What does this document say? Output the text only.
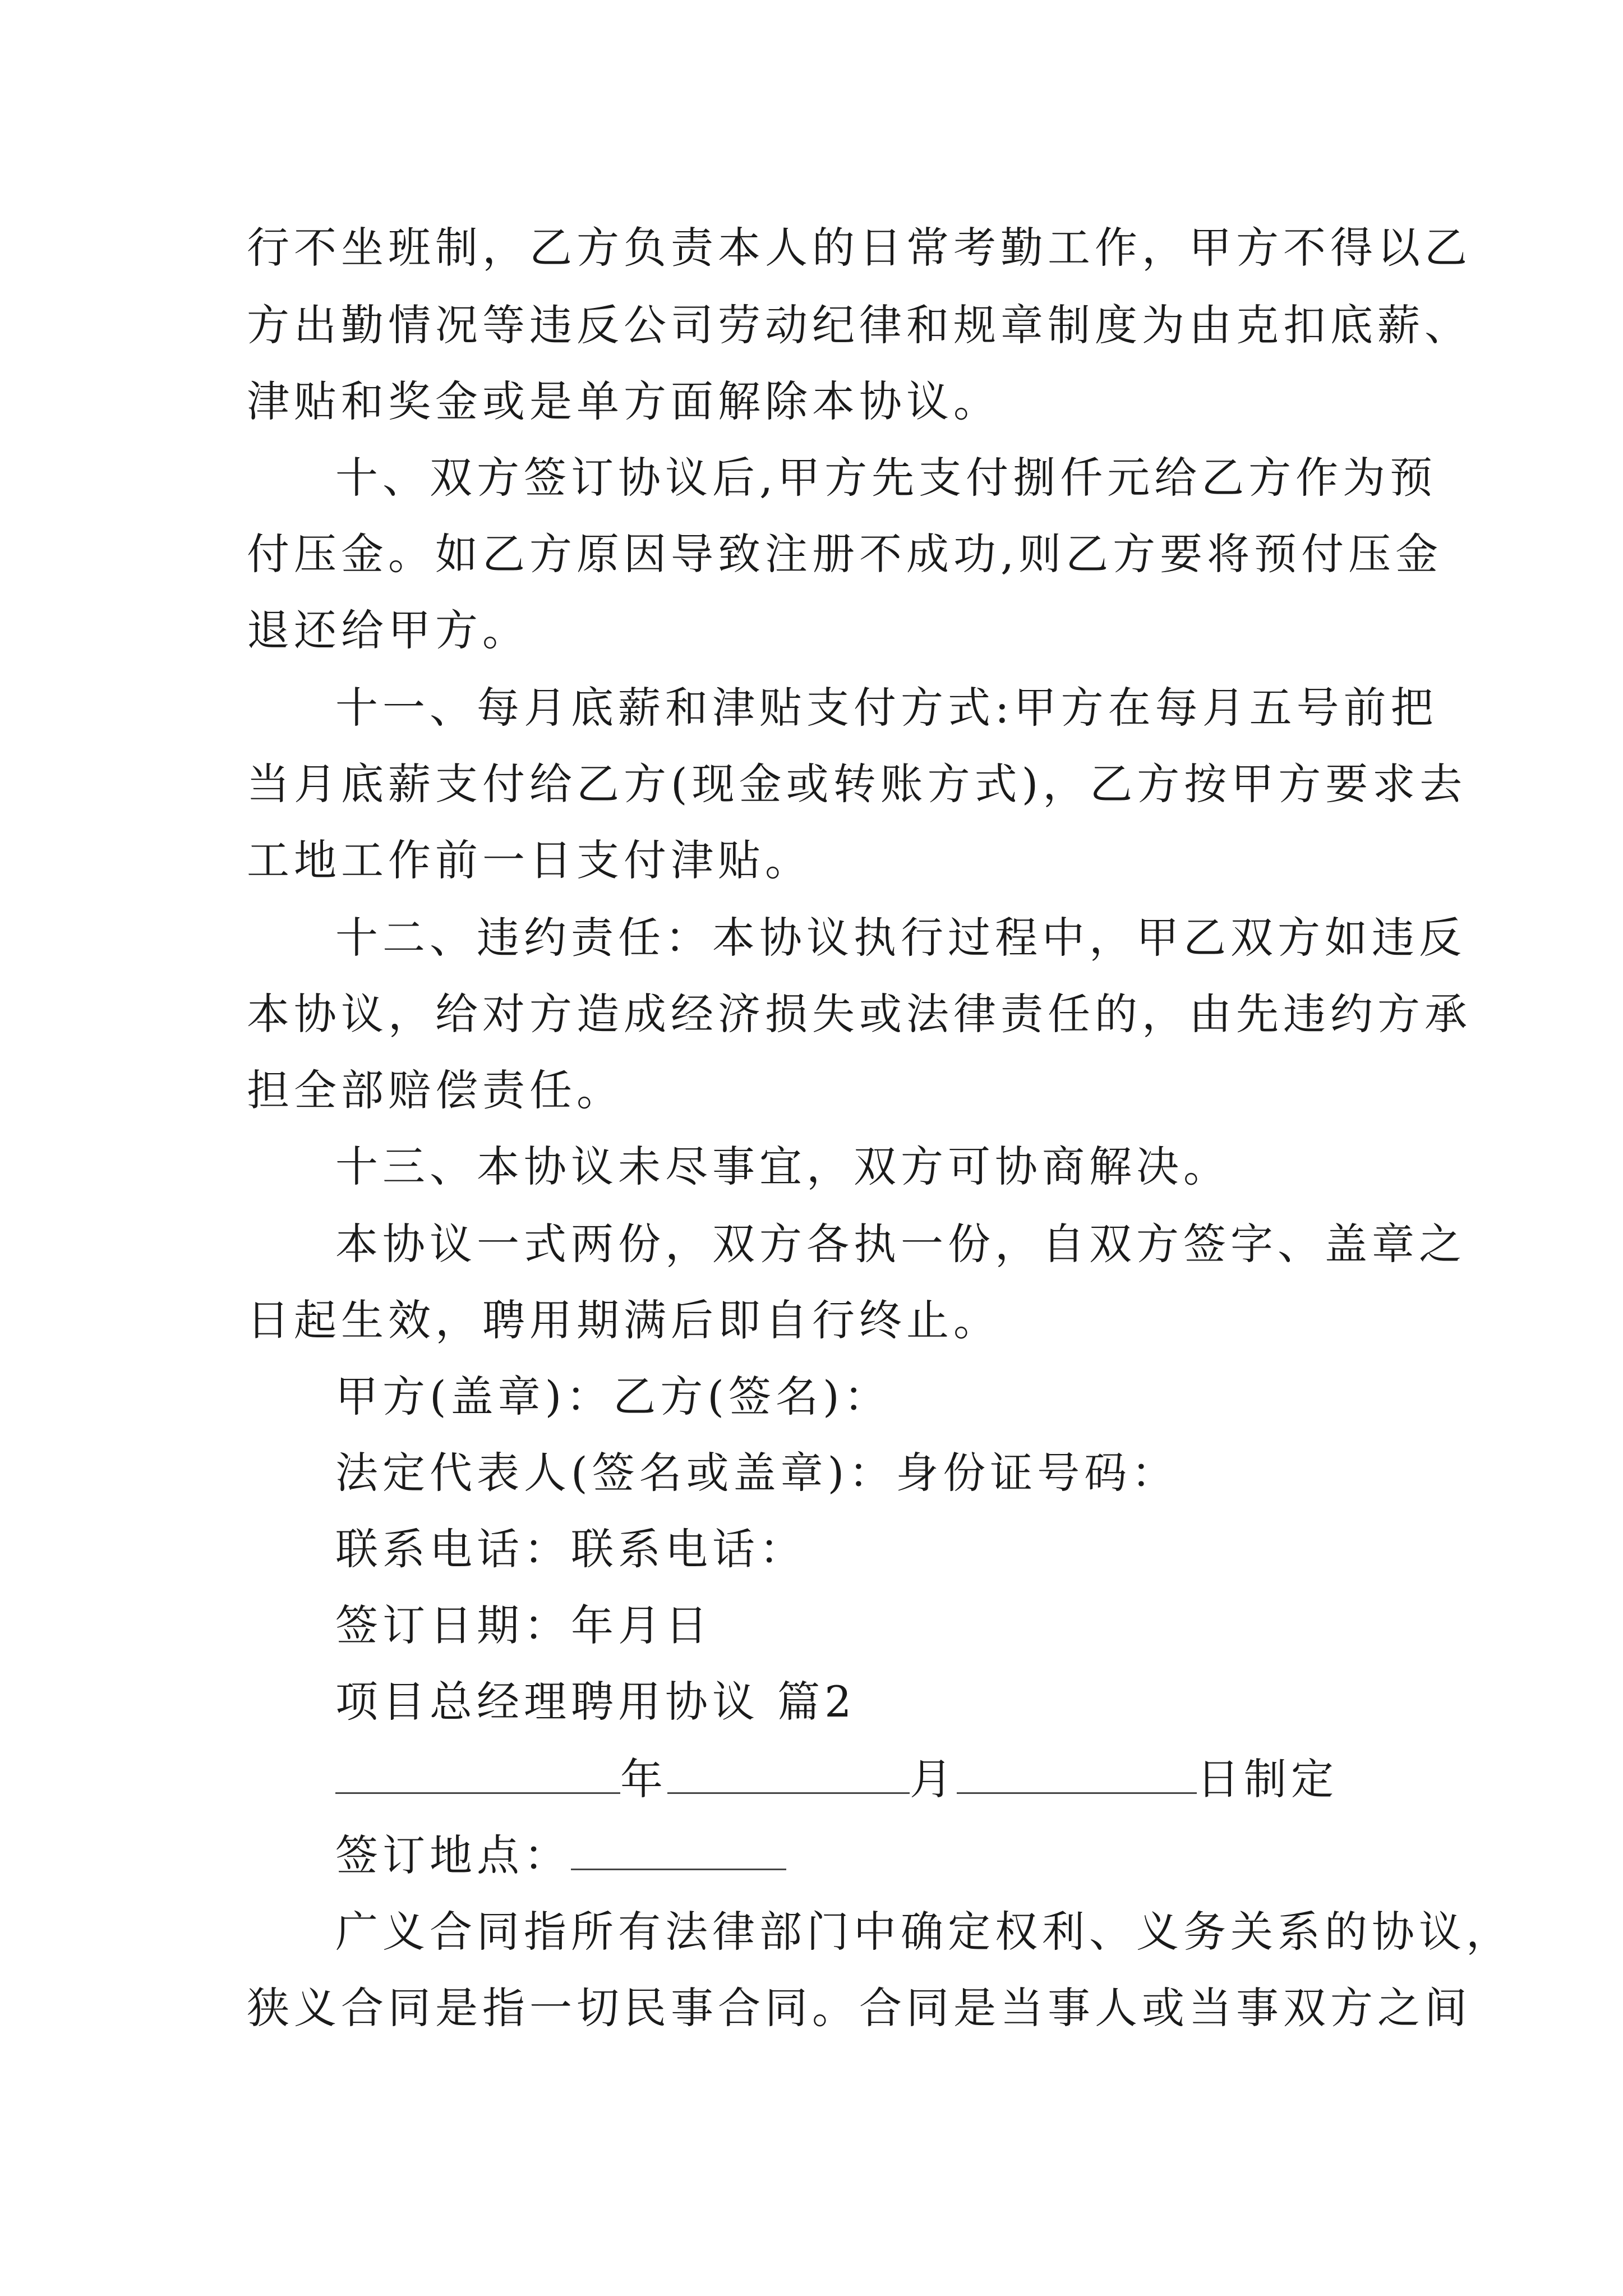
行不坐班制，乙方负责本人的日常考勤工作，甲方不得以乙
方出勤情况等违反公司劳动纪律和规章制度为由克扣底薪、
津贴和奖金或是单方面解除本协议。
十、双方签订协议后,甲方先支付捌仟元给乙方作为预
付压金。如乙方原因导致注册不成功,则乙方要将预付压金
退还给甲方。
十一、每月底薪和津贴支付方式:甲方在每月五号前把
当月底薪支付给乙方(现金或转账方式)，乙方按甲方要求去
工地工作前一日支付津贴。
十二、违约责任：本协议执行过程中，甲乙双方如违反
本协议，给对方造成经济损失或法律责任的，由先违约方承
担全部赔偿责任。
十三、本协议未尽事宜，双方可协商解决。
本协议一式两份，双方各执一份，自双方签字、盖章之
日起生效，聘用期满后即自行终止。
甲方(盖章)：乙方(签名)：
法定代表人(签名或盖章)：身份证号码：
联系电话：联系电话：
签订日期：年月日
项目总经理聘用协议 篇2
年	月	日制定
签订地点：
广义合同指所有法律部门中确定权利、义务关系的协议，
狭义合同是指一切民事合同。合同是当事人或当事双方之间
